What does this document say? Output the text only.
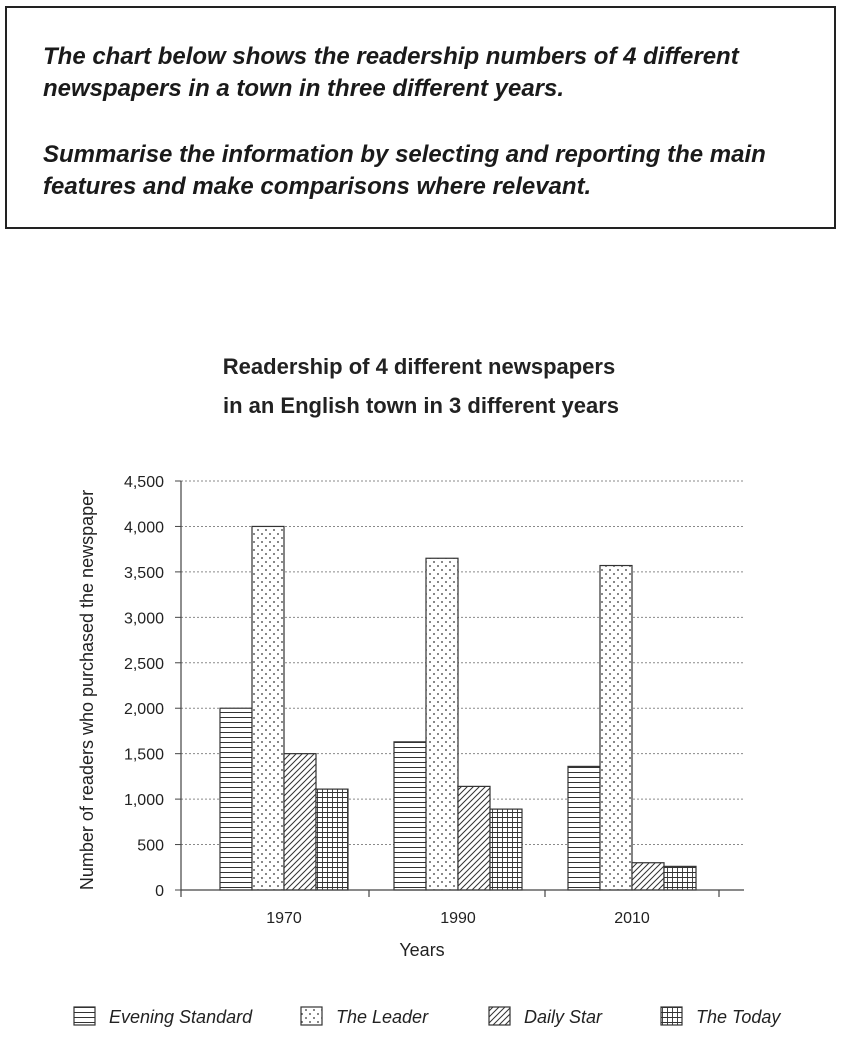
The chart below shows the readership numbers of 4 different newspapers in a town in three different years.

Summarise the information by selecting and reporting the main features and make comparisons where relevant.

Readership of 4 different newspapers
in an English town in 3 different years
0
500
1,000
1,500
2,000
2,500
3,000
3,500
4,000
4,500
1970	1990	2010
Years
Number of readers who purchased the newspaper
Evening Standard	The Leader	Daily Star	The Today
